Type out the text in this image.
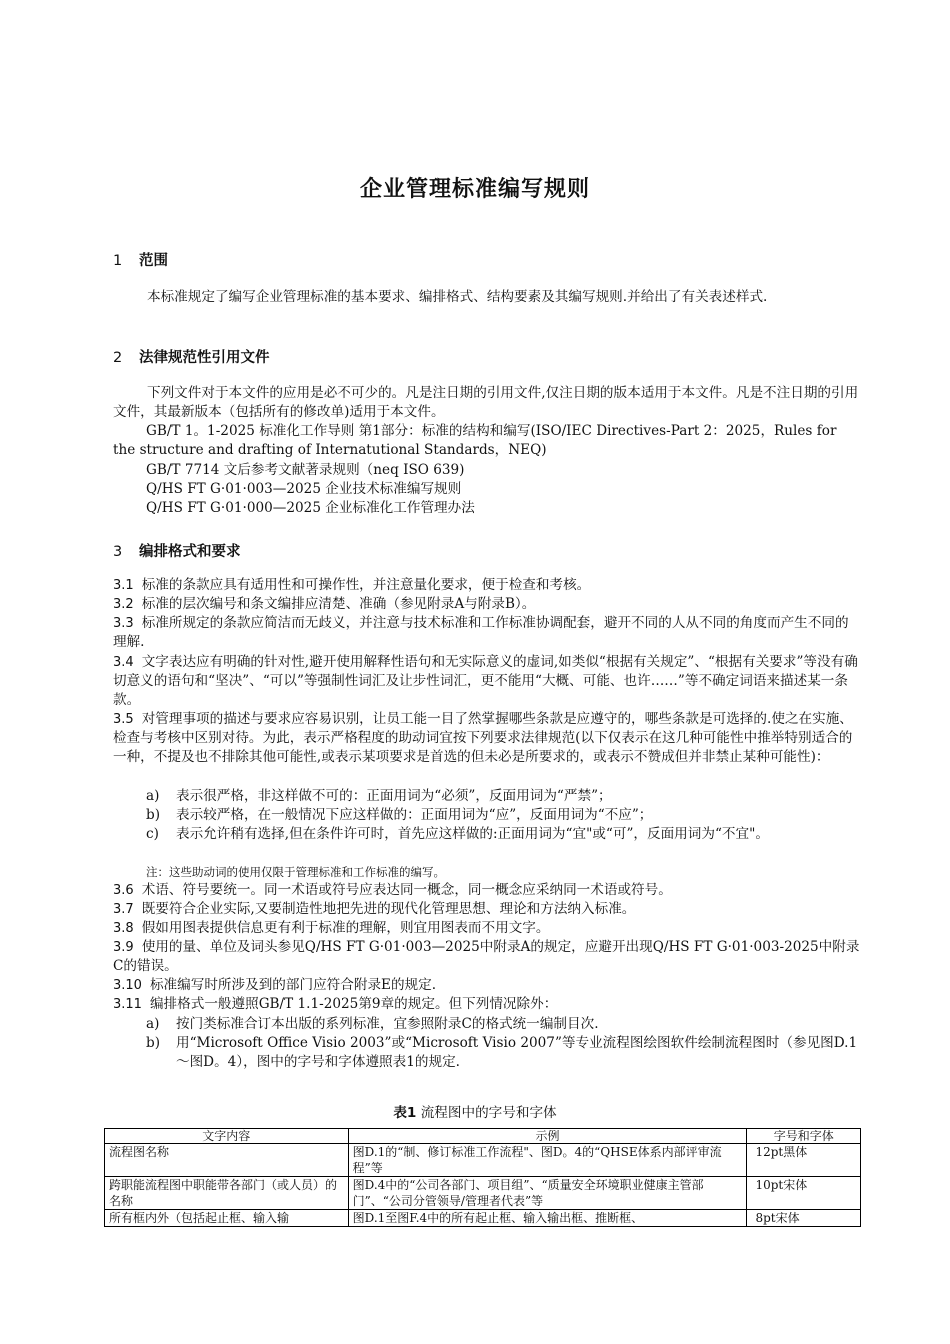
企业管理标准编写规则
1 范围
本标准规定了编写企业管理标准的基本要求、编排格式、结构要素及其编写规则.并给出了有关表述样式.
2 法律规范性引用文件
下列文件对于本文件的应用是必不可少的。凡是注日期的引用文件,仅注日期的版本适用于本文件。凡是不注日期的引用文件，其最新版本（包括所有的修改单)适用于本文件。
GB/T 1。1-2025 标准化工作导则 第1部分：标准的结构和编写(ISO/IEC Directives-Part 2：2025，Rules for the structure and drafting of Internatutional Standards，NEQ)
GB/T 7714 文后参考文献著录规则（neq ISO 639)
Q/HS FT G·01·003—2025 企业技术标准编写规则
Q/HS FT G·01·000—2025 企业标准化工作管理办法
3 编排格式和要求
3.1 标准的条款应具有适用性和可操作性，并注意量化要求，便于检查和考核。
3.2 标准的层次编号和条文编排应清楚、准确（参见附录A与附录B）。
3.3 标准所规定的条款应简洁而无歧义，并注意与技术标准和工作标准协调配套，避开不同的人从不同的角度而产生不同的理解.
3.4 文字表达应有明确的针对性,避开使用解释性语句和无实际意义的虚词,如类似“根据有关规定”、“根据有关要求”等没有确切意义的语句和“坚决”、“可以”等强制性词汇及让步性词汇，更不能用“大概、可能、也许……”等不确定词语来描述某一条款。
3.5 对管理事项的描述与要求应容易识别，让员工能一目了然掌握哪些条款是应遵守的，哪些条款是可选择的.使之在实施、检查与考核中区别对待。为此，表示严格程度的助动词宜按下列要求法律规范(以下仅表示在这几种可能性中推举特别适合的一种，不提及也不排除其他可能性,或表示某项要求是首选的但未必是所要求的，或表示不赞成但并非禁止某种可能性)：
a) 表示很严格，非这样做不可的：正面用词为“必须”，反面用词为“严禁”；
b) 表示较严格，在一般情况下应这样做的：正面用词为“应”，反面用词为“不应”；
c) 表示允许稍有选择,但在条件许可时，首先应这样做的:正面用词为“宜"或“可”，反面用词为“不宜"。
注：这些助动词的使用仅限于管理标准和工作标准的编写。
3.6 术语、符号要统一。同一术语或符号应表达同一概念，同一概念应采纳同一术语或符号。
3.7 既要符合企业实际,又要制造性地把先进的现代化管理思想、理论和方法纳入标准。
3.8 假如用图表提供信息更有利于标准的理解，则宜用图表而不用文字。
3.9 使用的量、单位及词头参见Q/HS FT G·01·003—2025中附录A的规定，应避开出现Q/HS FT G·01·003-2025中附录C的错误。
3.10 标准编写时所涉及到的部门应符合附录E的规定.
3.11 编排格式一般遵照GB/T 1.1-2025第9章的规定。但下列情况除外：
a) 按门类标准合订本出版的系列标准，宜参照附录C的格式统一编制目次.
b) 用“Microsoft Office Visio 2003”或“Microsoft Visio 2007”等专业流程图绘图软件绘制流程图时（参见图D.1～图D。4），图中的字号和字体遵照表1的规定.
表1 流程图中的字号和字体
文字内容	示例	字号和字体
流程图名称	图D.1的“制、修订标准工作流程"、图D。4的“QHSE体系内部评审流程”等	12pt黑体
跨职能流程图中职能带各部门（或人员）的名称	图D.4中的“公司各部门、项目组”、“质量安全环境职业健康主管部门”、“公司分管领导/管理者代表”等	10pt宋体
所有框内外（包括起止框、输入输	图D.1至图F.4中的所有起止框、输入输出框、推断框、	8pt宋体
